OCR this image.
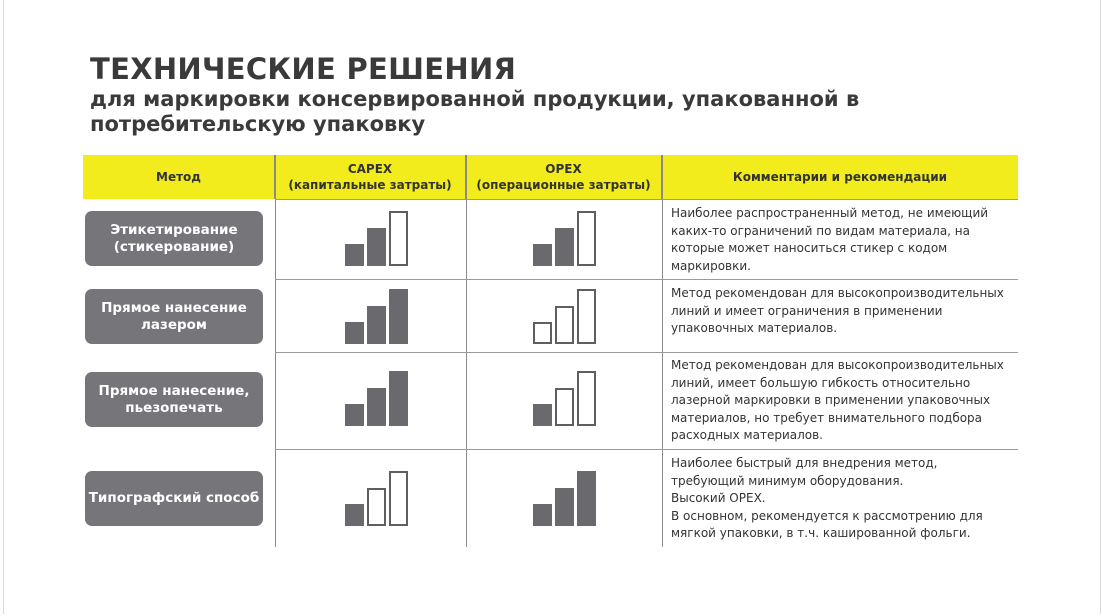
ТЕХНИЧЕСКИЕ РЕШЕНИЯ
для маркировки консервированной продукции, упакованной в потребительскую упаковку
Метод
CAPEX
(капитальные затраты)
OPEX
(операционные затраты)
Комментарии и рекомендации
Этикетирование
(стикерование)
Наиболее распространенный метод, не имеющий
каких-то ограничений по видам материала, на
которые может наноситься стикер с кодом
маркировки.
Прямое нанесение
лазером
Метод рекомендован для высокопроизводительных
линий и имеет ограничения в применении
упаковочных материалов.
Прямое нанесение,
пьезопечать
Метод рекомендован для высокопроизводительных
линий, имеет большую гибкость относительно
лазерной маркировки в применении упаковочных
материалов, но требует внимательного подбора
расходных материалов.
Типографский способ
Наиболее быстрый для внедрения метод,
требующий минимум оборудования.
Высокий OPEX.
В основном, рекомендуется к рассмотрению для
мягкой упаковки, в т.ч. кашированной фольги.
